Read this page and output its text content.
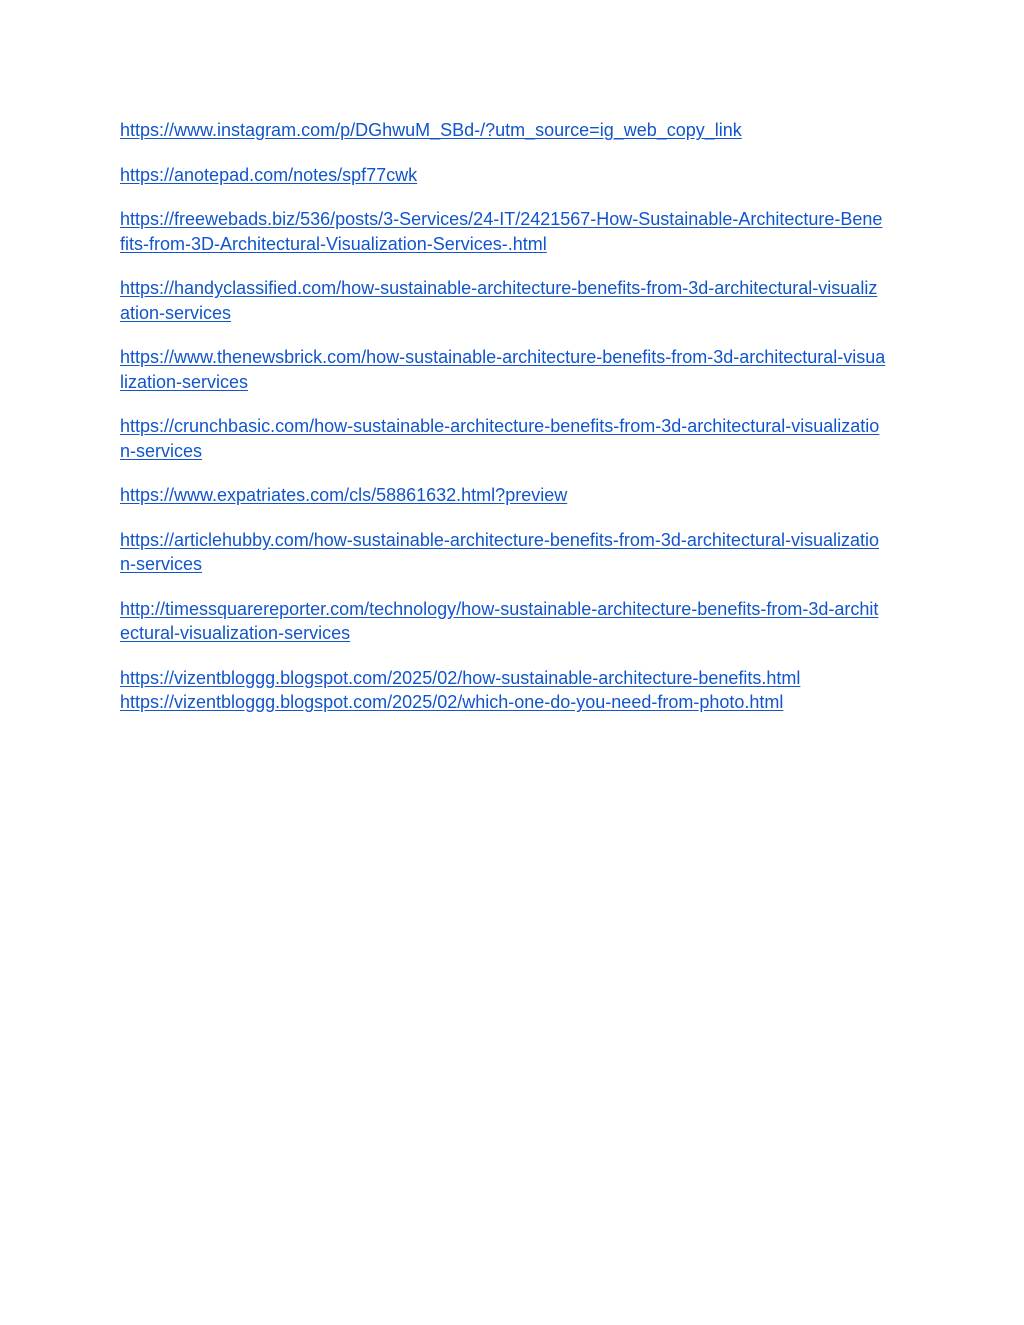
https://www.instagram.com/p/DGhwuM_SBd-/?utm_source=ig_web_copy_link

https://anotepad.com/notes/spf77cwk

https://freewebads.biz/536/posts/3-Services/24-IT/2421567-How-Sustainable-Architecture-Bene
fits-from-3D-Architectural-Visualization-Services-.html

https://handyclassified.com/how-sustainable-architecture-benefits-from-3d-architectural-visualiz
ation-services

https://www.thenewsbrick.com/how-sustainable-architecture-benefits-from-3d-architectural-visua
lization-services

https://crunchbasic.com/how-sustainable-architecture-benefits-from-3d-architectural-visualizatio
n-services

https://www.expatriates.com/cls/58861632.html?preview

https://articlehubby.com/how-sustainable-architecture-benefits-from-3d-architectural-visualizatio
n-services

http://timessquarereporter.com/technology/how-sustainable-architecture-benefits-from-3d-archit
ectural-visualization-services

https://vizentbloggg.blogspot.com/2025/02/how-sustainable-architecture-benefits.html
https://vizentbloggg.blogspot.com/2025/02/which-one-do-you-need-from-photo.html
